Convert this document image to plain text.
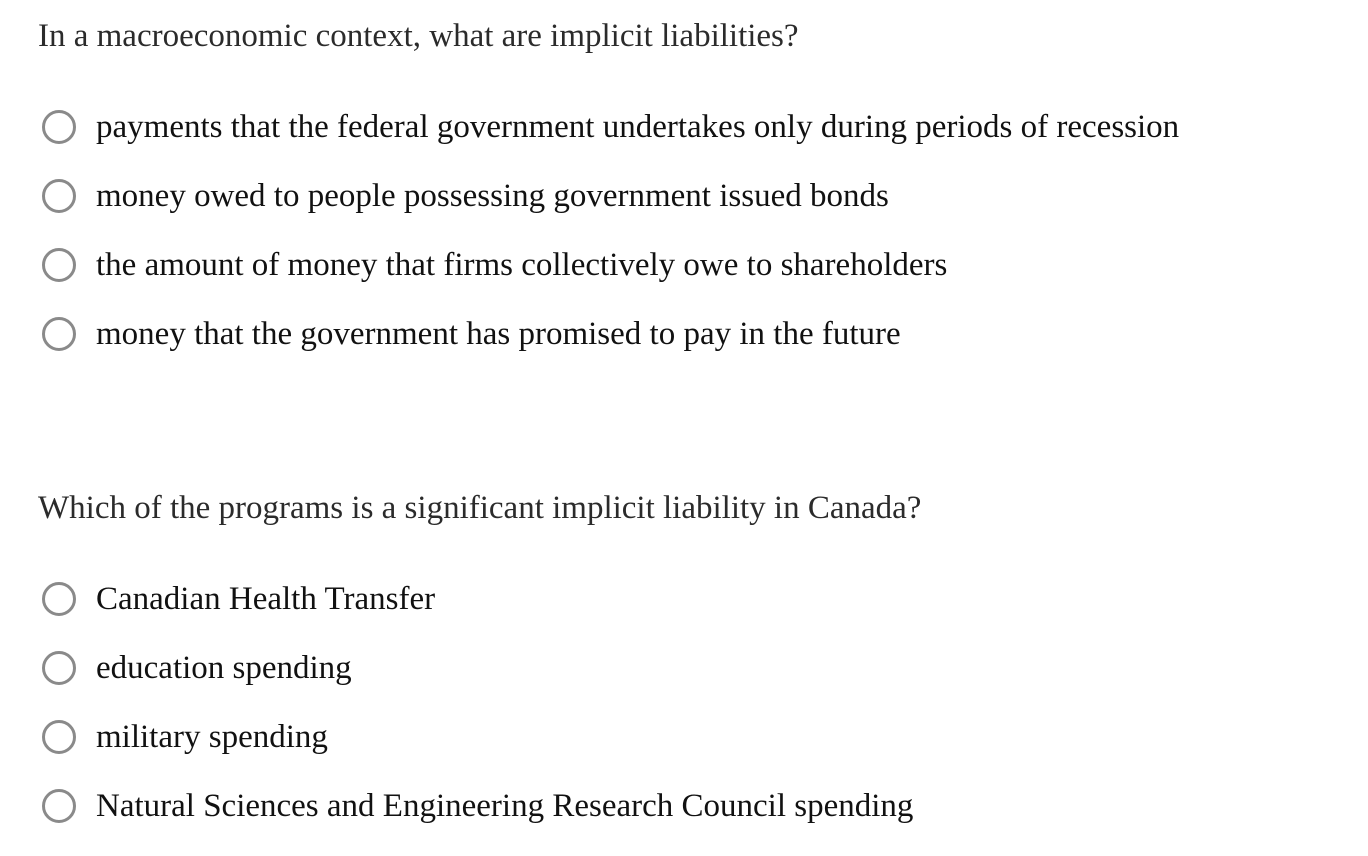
In a macroeconomic context, what are implicit liabilities?
payments that the federal government undertakes only during periods of recession
money owed to people possessing government issued bonds
the amount of money that firms collectively owe to shareholders
money that the government has promised to pay in the future
Which of the programs is a significant implicit liability in Canada?
Canadian Health Transfer
education spending
military spending
Natural Sciences and Engineering Research Council spending
